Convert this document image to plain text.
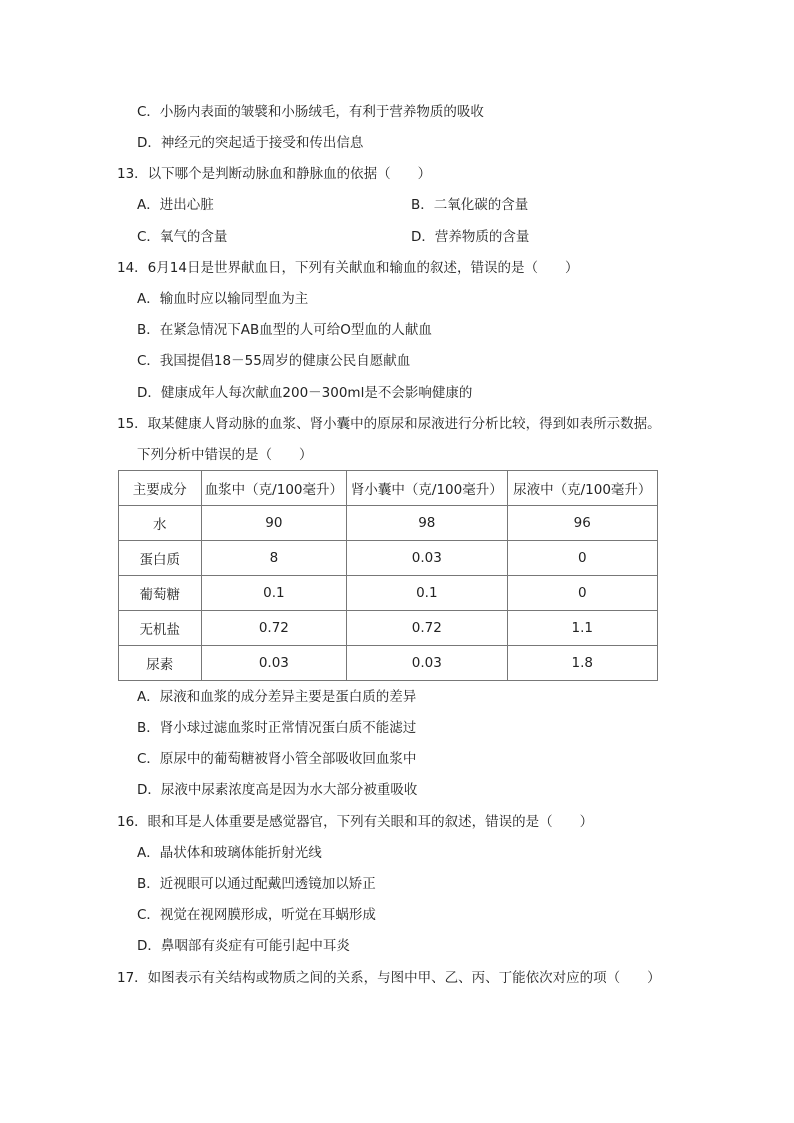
C．小肠内表面的皱襞和小肠绒毛，有利于营养物质的吸收
D．神经元的突起适于接受和传出信息
13．以下哪个是判断动脉血和静脉血的依据（　　）
A．进出心脏	B．二氧化碳的含量
C．氧气的含量	D．营养物质的含量
14．6月14日是世界献血日，下列有关献血和输血的叙述，错误的是（　　）
A．输血时应以输同型血为主
B．在紧急情况下AB血型的人可给O型血的人献血
C．我国提倡18－55周岁的健康公民自愿献血
D．健康成年人每次献血200－300ml是不会影响健康的
15．取某健康人肾动脉的血浆、肾小囊中的原尿和尿液进行分析比较，得到如表所示数据。
下列分析中错误的是（　　）
主要成分	血浆中（克/100毫升）	肾小囊中（克/100毫升）	尿液中（克/100毫升）
水	90	98	96
蛋白质	8	0.03	0
葡萄糖	0.1	0.1	0
无机盐	0.72	0.72	1.1
尿素	0.03	0.03	1.8
A．尿液和血浆的成分差异主要是蛋白质的差异
B．肾小球过滤血浆时正常情况蛋白质不能滤过
C．原尿中的葡萄糖被肾小管全部吸收回血浆中
D．尿液中尿素浓度高是因为水大部分被重吸收
16．眼和耳是人体重要是感觉器官，下列有关眼和耳的叙述，错误的是（　　）
A．晶状体和玻璃体能折射光线
B．近视眼可以通过配戴凹透镜加以矫正
C．视觉在视网膜形成，听觉在耳蜗形成
D．鼻咽部有炎症有可能引起中耳炎
17．如图表示有关结构或物质之间的关系，与图中甲、乙、丙、丁能依次对应的项（　　）
